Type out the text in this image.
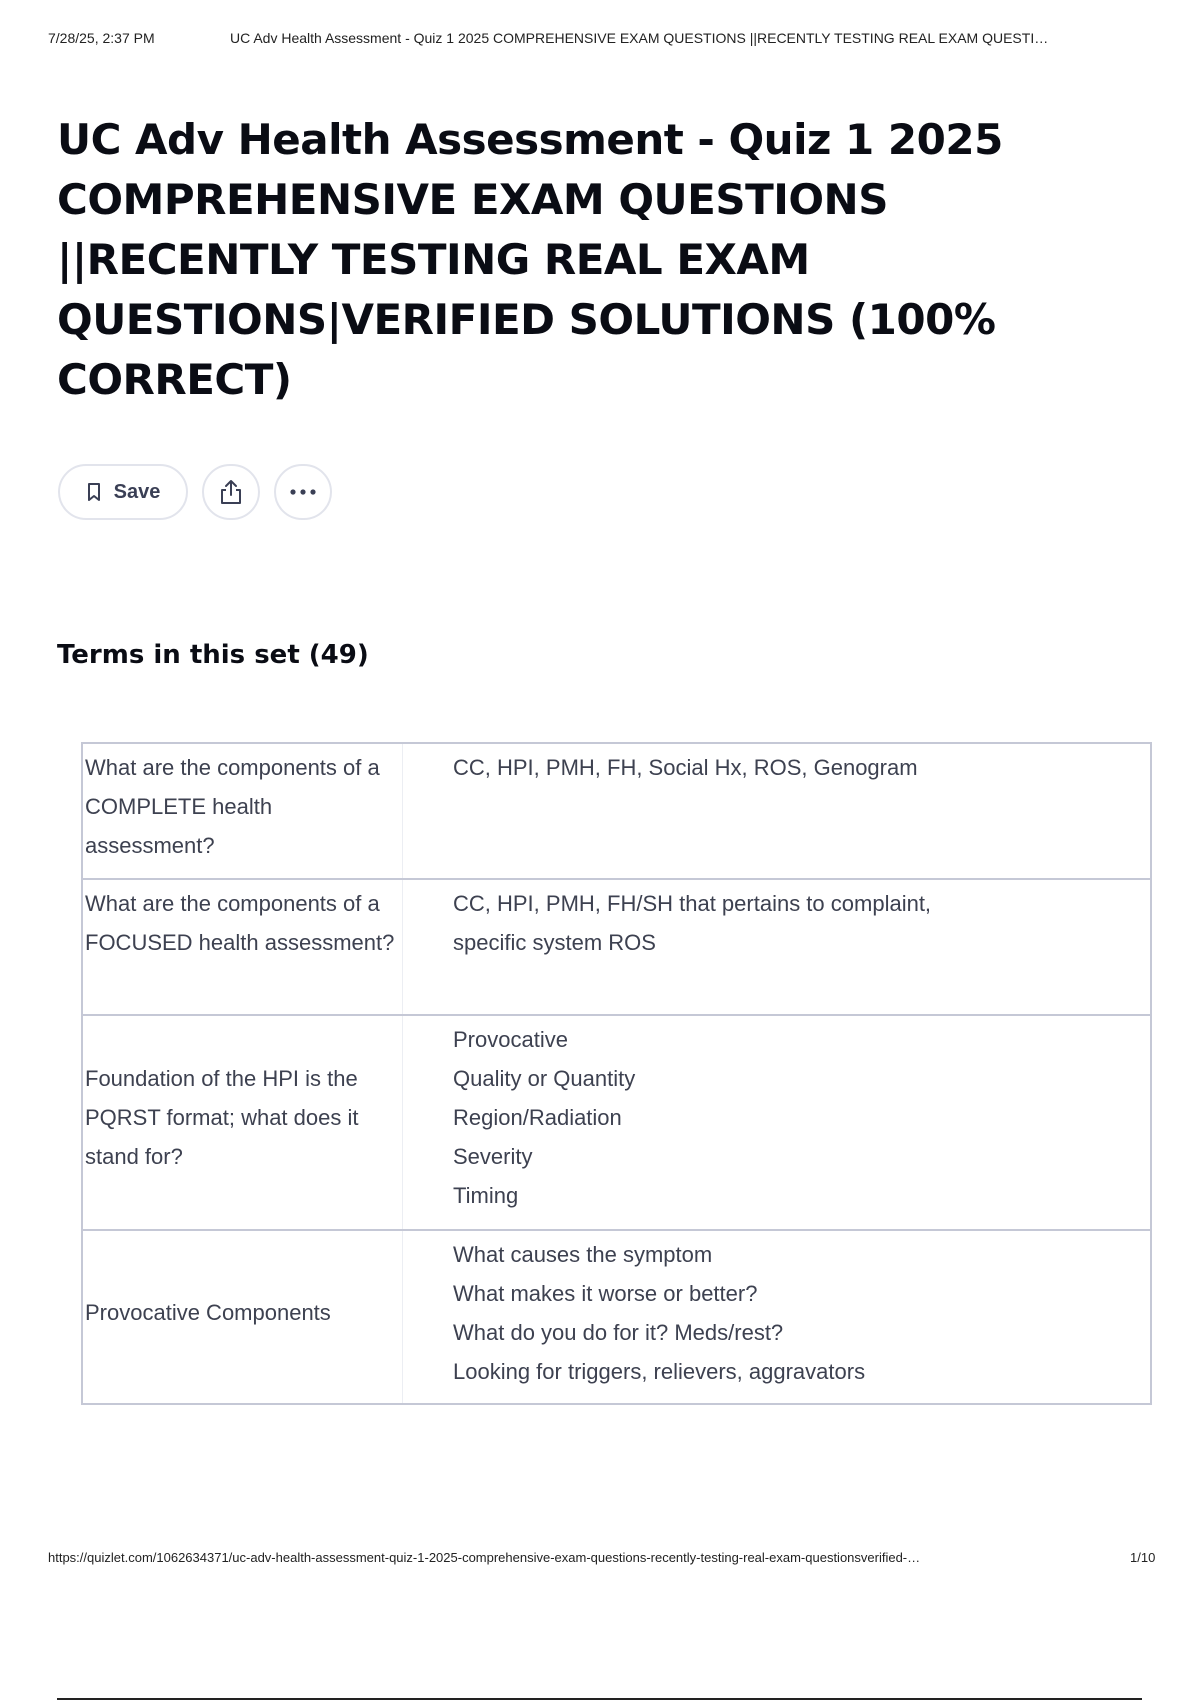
7/28/25, 2:37 PM	UC Adv Health Assessment - Quiz 1 2025 COMPREHENSIVE EXAM QUESTIONS ||RECENTLY TESTING REAL EXAM QUESTI…
UC Adv Health Assessment - Quiz 1 2025 COMPREHENSIVE EXAM QUESTIONS ||RECENTLY TESTING REAL EXAM QUESTIONS|VERIFIED SOLUTIONS (100% CORRECT)
Save
Terms in this set (49)
What are the components of a COMPLETE health assessment?
CC, HPI, PMH, FH, Social Hx, ROS, Genogram
What are the components of a FOCUSED health assessment?
CC, HPI, PMH, FH/SH that pertains to complaint,
specific system ROS
Foundation of the HPI is the PQRST format; what does it stand for?
Provocative
Quality or Quantity
Region/Radiation
Severity
Timing
Provocative Components
What causes the symptom
What makes it worse or better?
What do you do for it? Meds/rest?
Looking for triggers, relievers, aggravators
https://quizlet.com/1062634371/uc-adv-health-assessment-quiz-1-2025-comprehensive-exam-questions-recently-testing-real-exam-questionsverified-…	1/10
